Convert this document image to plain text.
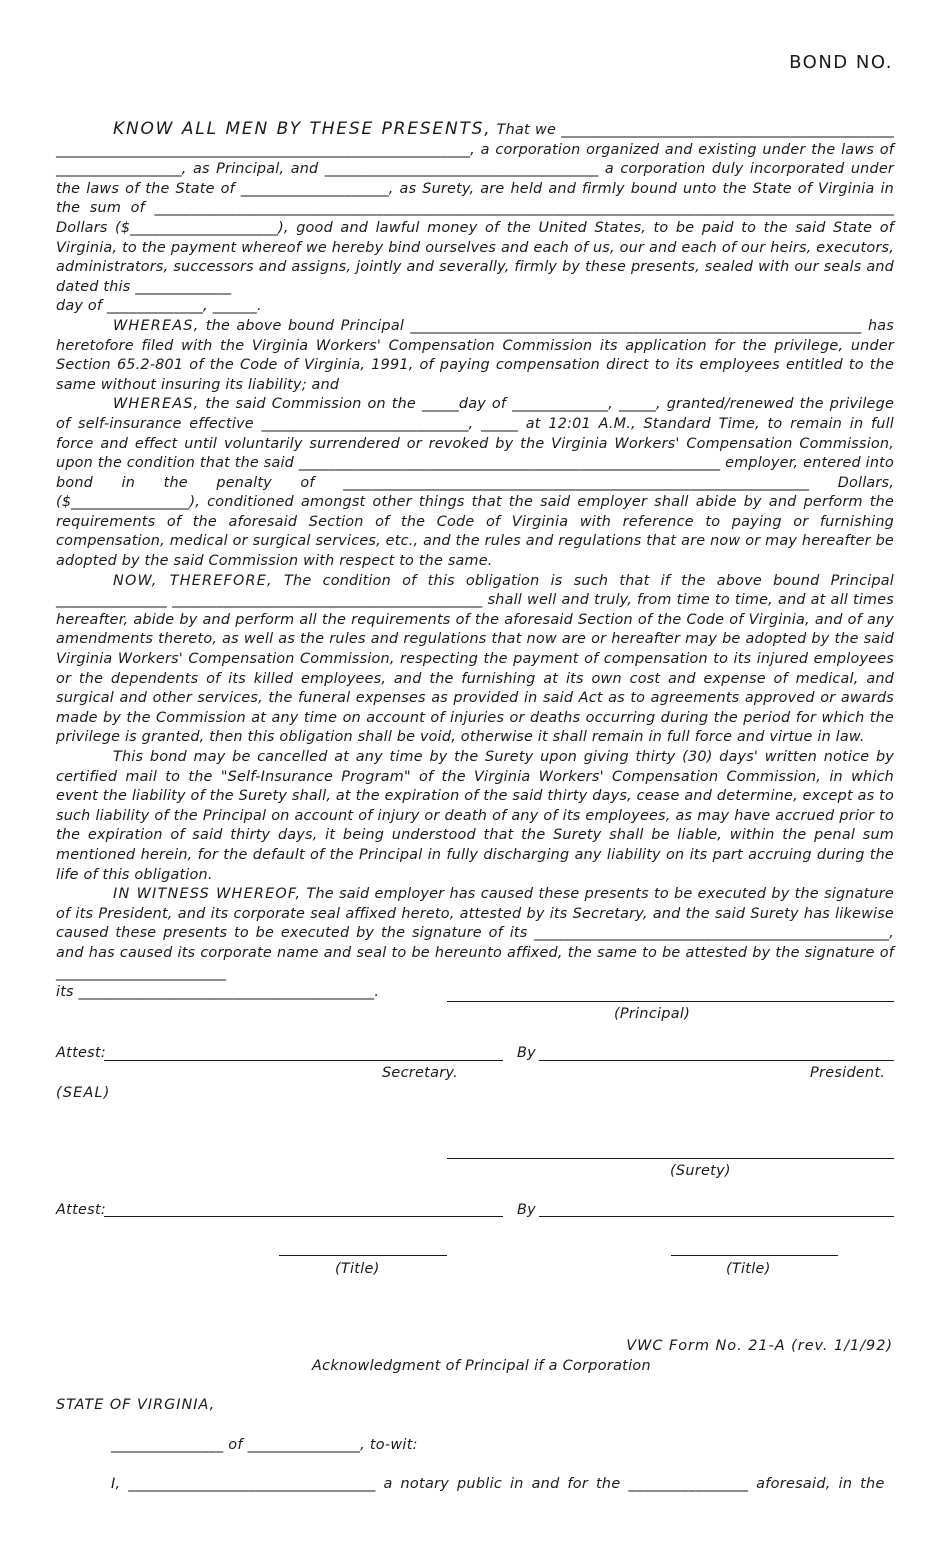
BOND NO.

KNOW ALL MEN BY THESE PRESENTS, That we _____________________________________________ ________________________________________________________, a corporation organized and existing under the laws of _________________, as Principal, and _____________________________________ a corporation duly incorporated under the laws of the State of ____________________, as Surety, are held and firmly bound unto the State of Virginia in the sum of ____________________________________________________________________________________________________ Dollars ($____________________), good and lawful money of the United States, to be paid to the said State of Virginia, to the payment whereof we hereby bind ourselves and each of us, our and each of our heirs, executors, administrators, successors and assigns, jointly and severally, firmly by these presents, sealed with our seals and dated this _____________

day of _____________, ______.

WHEREAS, the above bound Principal _____________________________________________________________ has heretofore filed with the Virginia Workers' Compensation Commission its application for the privilege, under Section 65.2-801 of the Code of Virginia, 1991, of paying compensation direct to its employees entitled to the same without insuring its liability; and

WHEREAS, the said Commission on the _____day of _____________, _____, granted/renewed the privilege of self-insurance effective ____________________________, _____ at 12:01 A.M., Standard Time, to remain in full force and effect until voluntarily surrendered or revoked by the Virginia Workers' Compensation Commission, upon the condition that the said _________________________________________________________ employer, entered into bond in the penalty of _______________________________________________________________ Dollars, ($________________), conditioned amongst other things that the said employer shall abide by and perform the requirements of the aforesaid Section of the Code of Virginia with reference to paying or furnishing compensation, medical or surgical services, etc., and the rules and regulations that are now or may hereafter be adopted by the said Commission with respect to the same.

NOW, THEREFORE, The condition of this obligation is such that if the above bound Principal _______________ __________________________________________ shall well and truly, from time to time, and at all times hereafter, abide by and perform all the requirements of the aforesaid Section of the Code of Virginia, and of any amendments thereto, as well as the rules and regulations that now are or hereafter may be adopted by the said Virginia Workers' Compensation Commission, respecting the payment of compensation to its injured employees or the dependents of its killed employees, and the furnishing at its own cost and expense of medical, and surgical and other services, the funeral expenses as provided in said Act as to agreements approved or awards made by the Commission at any time on account of injuries or deaths occurring during the period for which the privilege is granted, then this obligation shall be void, otherwise it shall remain in full force and virtue in law.

This bond may be cancelled at any time by the Surety upon giving thirty (30) days' written notice by certified mail to the "Self-Insurance Program" of the Virginia Workers' Compensation Commission, in which event the liability of the Surety shall, at the expiration of the said thirty days, cease and determine, except as to such liability of the Principal on account of injury or death of any of its employees, as may have accrued prior to the expiration of said thirty days, it being understood that the Surety shall be liable, within the penal sum mentioned herein, for the default of the Principal in fully discharging any liability on its part accruing during the life of this obligation.

IN WITNESS WHEREOF, The said employer has caused these presents to be executed by the signature of its President, and its corporate seal affixed hereto, attested by its Secretary, and the said Surety has likewise caused these presents to be executed by the signature of its ________________________________________________, and has caused its corporate name and seal to be hereunto affixed, the same to be attested by the signature of _______________________

its ________________________________________.

(Principal)
Attest:	By
Secretary.	President.
(SEAL)
(Surety)
Attest:	By
(Title)	(Title)
VWC Form No. 21-A (rev. 1/1/92)
Acknowledgment of Principal if a Corporation
STATE OF VIRGINIA,
_______________ of _______________, to-wit:
I, _________________________________ a notary public in and for the ________________ aforesaid, in the
